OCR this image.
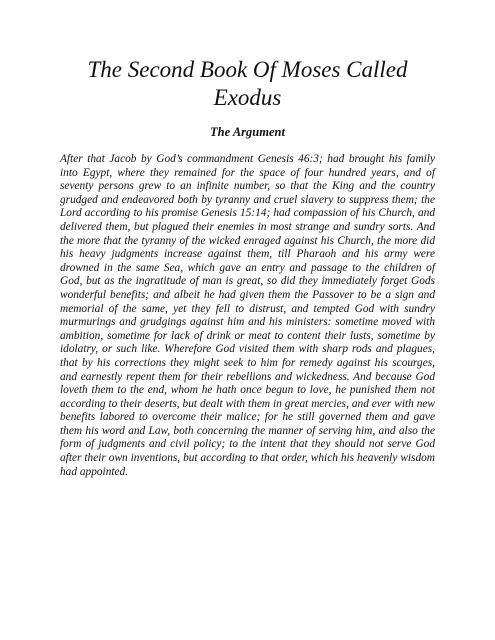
The Second Book Of Moses Called
Exodus
The Argument

After that Jacob by God’s commandment Genesis 46:3; had brought his family into Egypt, where they remained for the space of four hundred years, and of seventy persons grew to an infinite number, so that the King and the country grudged and endeavored both by tyranny and cruel slavery to suppress them; the Lord according to his promise Genesis 15:14; had compassion of his Church, and delivered them, but plagued their enemies in most strange and sundry sorts. And the more that the tyranny of the wicked enraged against his Church, the more did his heavy judgments increase against them, till Pharaoh and his army were drowned in the same Sea, which gave an entry and passage to the children of God, but as the ingratitude of man is great, so did they immediately forget Gods wonderful benefits; and albeit he had given them the Passover to be a sign and memorial of the same, yet they fell to distrust, and tempted God with sundry murmurings and grudgings against him and his ministers: sometime moved with ambition, sometime for lack of drink or meat to content their lusts, sometime by idolatry, or such like. Wherefore God visited them with sharp rods and plagues, that by his corrections they might seek to him for remedy against his scourges, and earnestly repent them for their rebellions and wickedness. And because God loveth them to the end, whom he hath once begun to love, he punished them not according to their deserts, but dealt with them in great mercies, and ever with new benefits labored to overcome their malice; for he still governed them and gave them his word and Law, both concerning the manner of serving him, and also the form of judgments and civil policy; to the intent that they should not serve God after their own inventions, but according to that order, which his heavenly wisdom had appointed.
